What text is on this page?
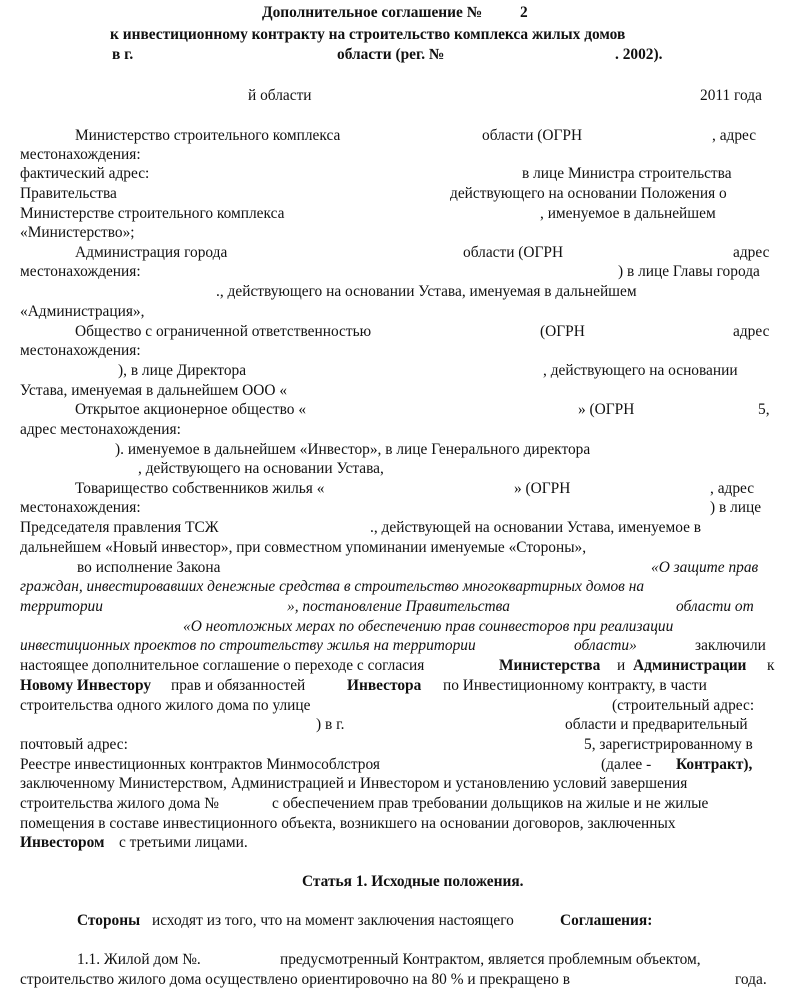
Дополнительное соглашение № 2
к инвестиционному контракту на строительство комплекса жилых домов
в г.	области (рег. №	. 2002).
й области	2011 года
Министерство строительного комплекса	области (ОГРН	, адрес
местонахождения:
фактический адрес:	в лице Министра строительства
Правительства	действующего на основании Положения о
Министерстве строительного комплекса	, именуемое в дальнейшем
«Министерство»;
Администрация города	области (ОГРН	адрес
местонахождения:	) в лице Главы города
., действующего на основании Устава, именуемая в дальнейшем
«Администрация»,
Общество с ограниченной ответственностью	(ОГРН	адрес
местонахождения:
), в лице Директора	, действующего на основании
Устава, именуемая в дальнейшем ООО «
Открытое акционерное общество «	» (ОГРН	5,
адрес местонахождения:
). именуемое в дальнейшем «Инвестор», в лице Генерального директора
, действующего на основании Устава,
Товарищество собственников жилья «	» (ОГРН	, адрес
местонахождения:	) в лице
Председателя правления ТСЖ	., действующей на основании Устава, именуемое в
дальнейшем «Новый инвестор», при совместном упоминании именуемые «Стороны»,
во исполнение Закона	«О защите прав
граждан, инвестировавших денежные средства в строительство многоквартирных домов на
территории	», постановление Правительства	области от
«О неотложных мерах по обеспечению прав соинвесторов при реализации
инвестиционных проектов по строительству жилья на территории	области»	заключили
настоящее дополнительное соглашение о переходе с согласия	Министерства и Администрации к
Новому Инвестору прав и обязанностей	Инвестора по Инвестиционному контракту, в части
строительства одного жилого дома по улице	(строительный адрес:
) в г.	области и предварительный
почтовый адрес:	5, зарегистрированному в
Реестре инвестиционных контрактов Минмособлстроя	(далее - Контракт),
заключенному Министерством, Администрацией и Инвестором и установлению условий завершения
строительства жилого дома №	с обеспечением прав требовании дольщиков на жилые и не жилые
помещения в составе инвестиционного объекта, возникшего на основании договоров, заключенных
Инвестором с третьими лицами.
Статья 1. Исходные положения.
Стороны исходят из того, что на момент заключения настоящего	Соглашения:
1.1. Жилой дом №.	предусмотренный Контрактом, является проблемным объектом,
строительство жилого дома осуществлено ориентировочно на 80 % и прекращено в	года.
